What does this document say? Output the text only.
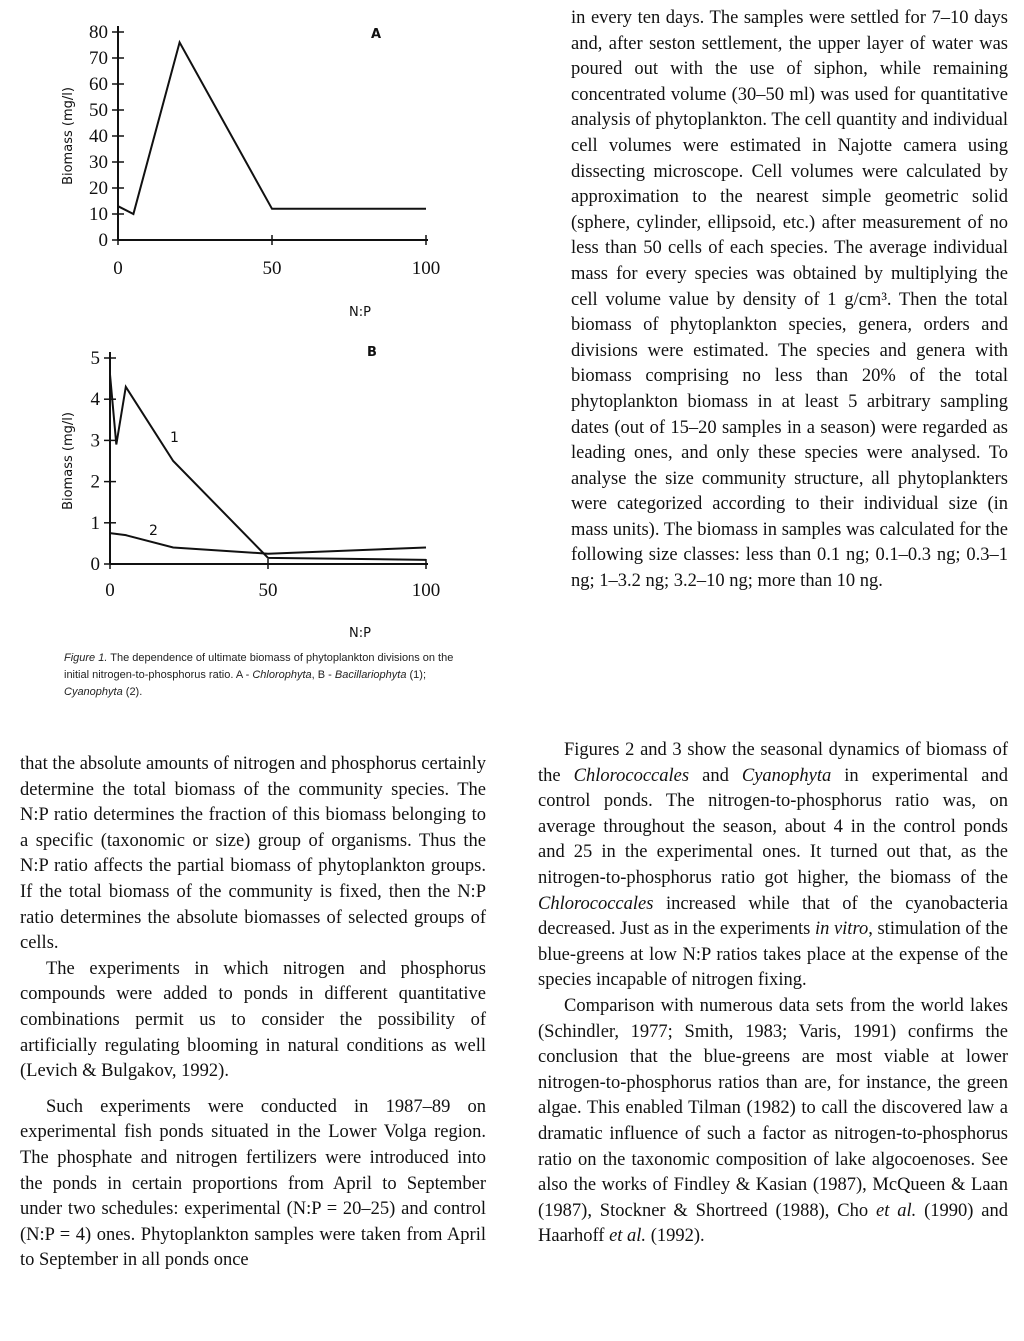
0
10
20
30
40
50
60
70
80
0	50	100
Biomass (mg/l)
N:P
A
0
1
2
3
4
5
0	50	100
Biomass (mg/l)
N:P
B
1
2
Figure 1. The dependence of ultimate biomass of phytoplankton divisions on the initial nitrogen-to-phosphorus ratio. A - Chlorophyta, B - Bacillariophyta (1); Cyanophyta (2).

in every ten days. The samples were settled for 7–10 days and, after seston settlement, the upper layer of water was poured out with the use of siphon, while remaining concentrated volume (30–50 ml) was used for quantitative analysis of phytoplankton. The cell quantity and individual cell volumes were estimated in Najotte camera using dissecting microscope. Cell volumes were calculated by approximation to the nearest simple geometric solid (sphere, cylinder, ellipsoid, etc.) after measurement of no less than 50 cells of each species. The average individual mass for every species was obtained by multiplying the cell volume value by density of 1 g/cm³. Then the total biomass of phytoplankton species, genera, orders and divisions were estimated. The species and genera with biomass comprising no less than 20% of the total phytoplankton biomass in at least 5 arbitrary sampling dates (out of 15–20 samples in a season) were regarded as leading ones, and only these species were analysed. To analyse the size community structure, all phytoplankters were categorized according to their individual size (in mass units). The biomass in samples was calculated for the following size classes: less than 0.1 ng; 0.1–0.3 ng; 0.3–1 ng; 1–3.2 ng; 3.2–10 ng; more than 10 ng.

that the absolute amounts of nitrogen and phosphorus certainly determine the total biomass of the community species. The N:P ratio determines the fraction of this biomass belonging to a specific (taxonomic or size) group of organisms. Thus the N:P ratio affects the partial biomass of phytoplankton groups. If the total biomass of the community is fixed, then the N:P ratio determines the absolute biomasses of selected groups of cells.

The experiments in which nitrogen and phosphorus compounds were added to ponds in different quantitative combinations permit us to consider the possibility of artificially regulating blooming in natural conditions as well (Levich & Bulgakov, 1992).

Such experiments were conducted in 1987–89 on experimental fish ponds situated in the Lower Volga region. The phosphate and nitrogen fertilizers were introduced into the ponds in certain proportions from April to September under two schedules: experimental (N:P = 20–25) and control (N:P = 4) ones. Phytoplankton samples were taken from April to September in all ponds once

Figures 2 and 3 show the seasonal dynamics of biomass of the Chlorococcales and Cyanophyta in experimental and control ponds. The nitrogen-to-phosphorus ratio was, on average throughout the season, about 4 in the control ponds and 25 in the experimental ones. It turned out that, as the nitrogen-to-phosphorus ratio got higher, the biomass of the Chlorococcales increased while that of the cyanobacteria decreased. Just as in the experiments in vitro, stimulation of the blue-greens at low N:P ratios takes place at the expense of the species incapable of nitrogen fixing.

Comparison with numerous data sets from the world lakes (Schindler, 1977; Smith, 1983; Varis, 1991) confirms the conclusion that the blue-greens are most viable at lower nitrogen-to-phosphorus ratios than are, for instance, the green algae. This enabled Tilman (1982) to call the discovered law a dramatic influence of such a factor as nitrogen-to-phosphorus ratio on the taxonomic composition of lake algocoenoses. See also the works of Findley & Kasian (1987), McQueen & Laan (1987), Stockner & Shortreed (1988), Cho et al. (1990) and Haarhoff et al. (1992).
